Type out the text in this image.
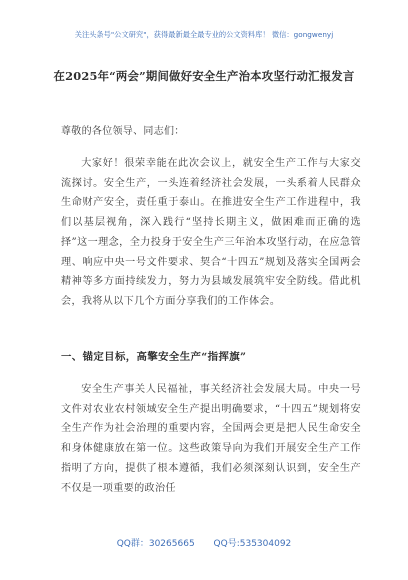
关注头条号"公文研究"，获得最新最全最专业的公文资料库！ 微信：gongwenyj
在2025年“两会”期间做好安全生产治本攻坚行动汇报发言
尊敬的各位领导、同志们：
大家好！很荣幸能在此次会议上，就安全生产工作与大家交流探讨。安全生产，一头连着经济社会发展，一头系着人民群众生命财产安全，责任重于泰山。在推进安全生产工作进程中，我们以基层视角，深入践行“坚持长期主义，做困难而正确的选择”这一理念，全力投身于安全生产三年治本攻坚行动，在应急管理、响应中央一号文件要求、契合“十四五”规划及落实全国两会精神等多方面持续发力，努力为县域发展筑牢安全防线。借此机会，我将从以下几个方面分享我们的工作体会。
一、锚定目标，高擎安全生产“指挥旗”
安全生产事关人民福祉，事关经济社会发展大局。中央一号文件对农业农村领域安全生产提出明确要求，“十四五”规划将安全生产作为社会治理的重要内容，全国两会更是把人民生命安全和身体健康放在第一位。这些政策导向为我们开展安全生产工作指明了方向，提供了根本遵循，我们必须深刻认识到，安全生产不仅是一项重要的政治任
QQ群：30265665 QQ号:535304092
